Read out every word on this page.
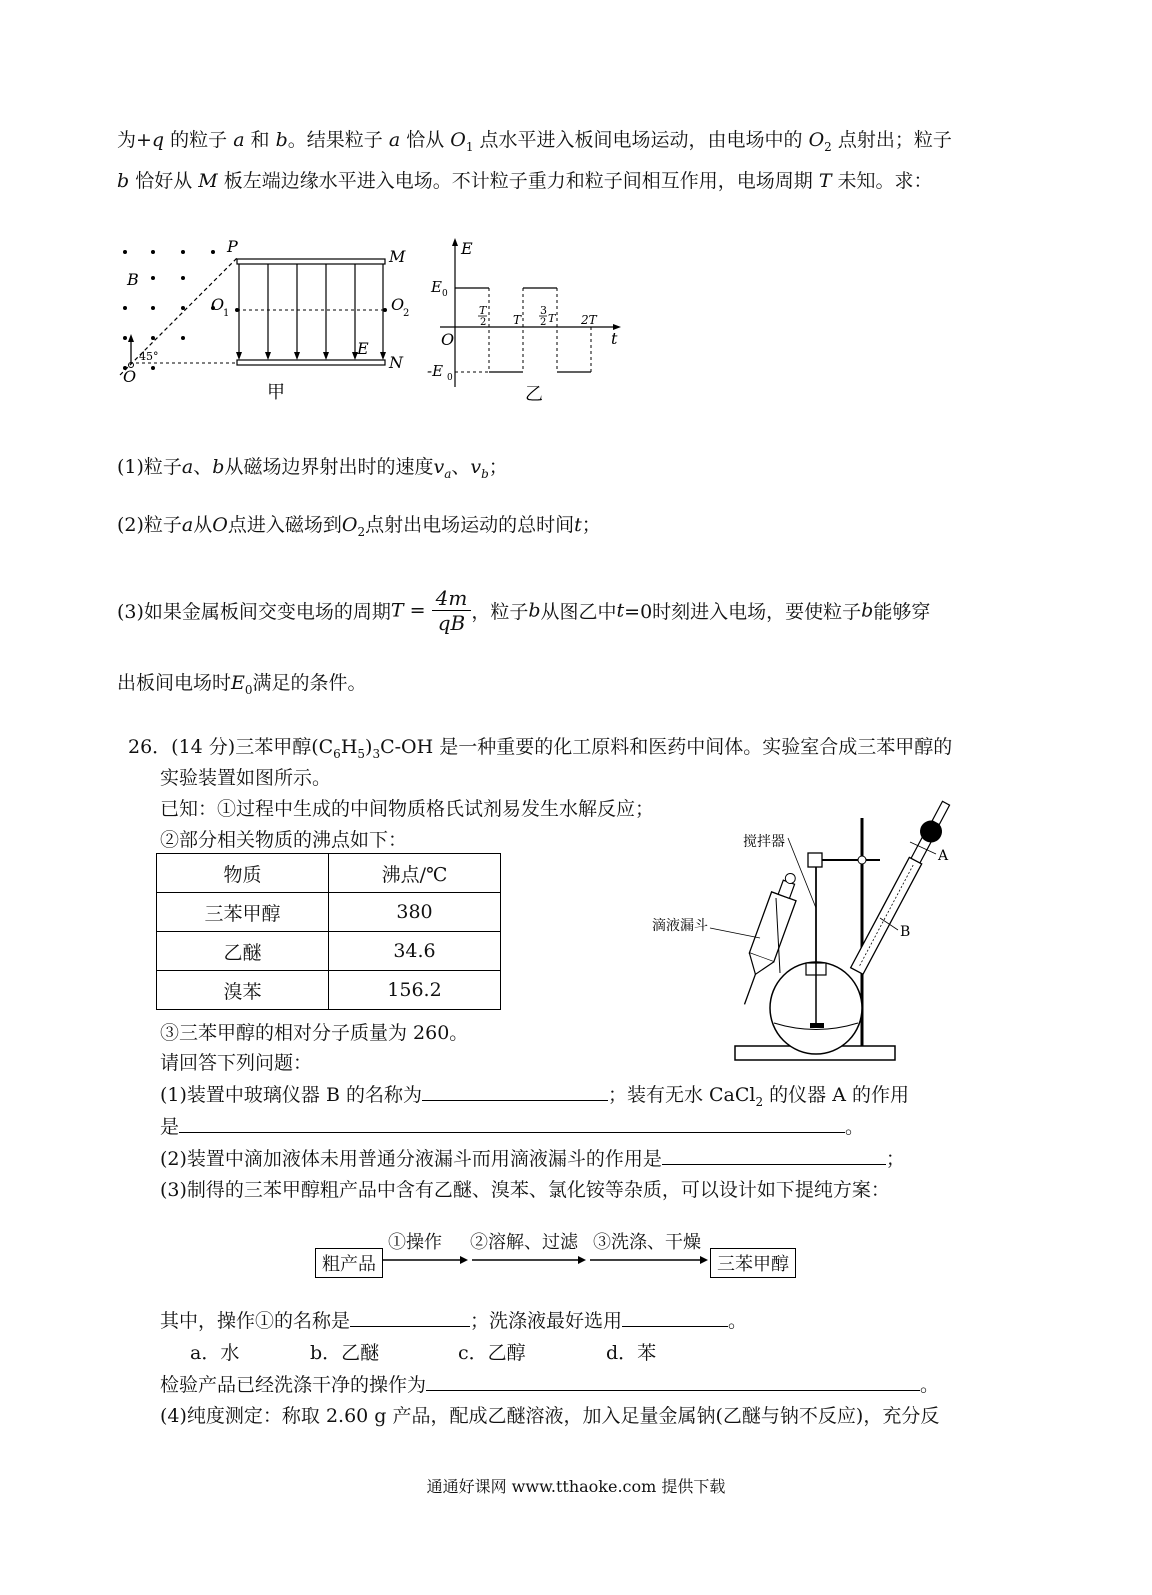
为+q 的粒子 a 和 b。结果粒子 a 恰从 $O_1$ 点水平进入板间电场运动，由电场中的 $O_2$ 点射出；粒子
b 恰好从 M 板左端边缘水平进入电场。不计粒子重力和粒子间相互作用，电场周期 T 未知。求：
P
B
O
1
O
45°
M
O
2
E
N
甲
E
E 0
-E 0
O	t
T
2 T
3
2 T 2T
乙
(1)粒子a、b从磁场边界射出时的速度$v_a$、$v_b$；
(2)粒子a从O点进入磁场到$O_2$点射出电场运动的总时间t；
(3)如果金属板间交变电场的周期$T = \frac{4m}{qB}$ ，粒子b从图乙中t=0时刻进入电场，要使粒子b能够穿
出板间电场时$E_0$满足的条件。
26．(14 分)三苯甲醇$(C_6H_5)_3C-OH$ 是一种重要的化工原料和医药中间体。实验室合成三苯甲醇的
实验装置如图所示。
已知：①过程中生成的中间物质格氏试剂易发生水解反应；
②部分相关物质的沸点如下：
物质	沸点/℃
三苯甲醇	380
乙醚	34.6
溴苯	156.2
③三苯甲醇的相对分子质量为 260。
请回答下列问题：
搅拌器
滴液漏斗
A
B
(1)装置中玻璃仪器 B 的名称为	；装有无水 CaCl$_2$ 的仪器 A 的作用
是	。
(2)装置中滴加液体未用普通分液漏斗而用滴液漏斗的作用是	；
(3)制得的三苯甲醇粗产品中含有乙醚、溴苯、氯化铵等杂质，可以设计如下提纯方案：
粗产品
①操作 ②溶解、过滤 ③洗涤、干燥
三苯甲醇
其中，操作①的名称是	；洗涤液最好选用	。
a．水	b．乙醚	c．乙醇	d．苯
检验产品已经洗涤干净的操作为	。
(4)纯度测定：称取 2.60 g 产品，配成乙醚溶液，加入足量金属钠(乙醚与钠不反应)，充分反
通通好课网 www.tthaoke.com 提供下载
